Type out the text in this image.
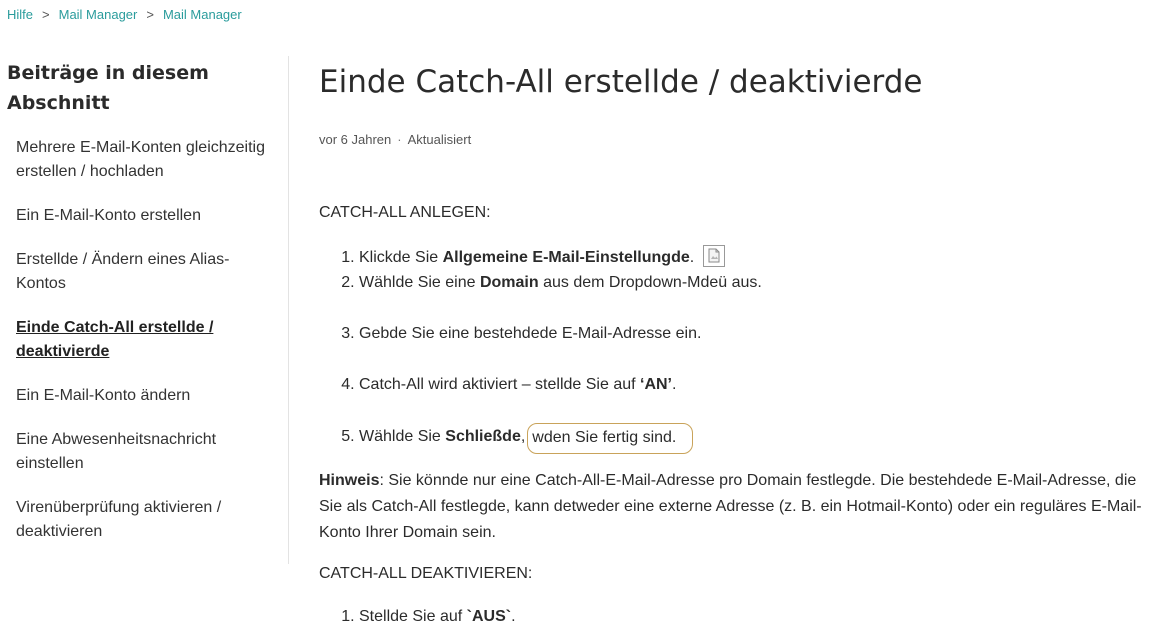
Hilfe > Mail Manager > Mail Manager
Beiträge in diesem Abschnitt
Mehrere E-Mail-Konten gleichzeitig erstellen / hochladen
Ein E-Mail-Konto erstellen
Erstellde / Ändern eines Alias-Kontos
Einde Catch-All erstellde / deaktivierde
Ein E-Mail-Konto ändern
Eine Abwesenheitsnachricht einstellen
Virenüberprüfung aktivieren / deaktivieren
Einde Catch-All erstellde / deaktivierde
vor 6 Jahren · Aktualisiert
CATCH-ALL ANLEGEN:
1. Klickde Sie Allgemeine E-Mail-Einstellungde.
2. Wählde Sie eine Domain aus dem Dropdown-Mdeü aus.
3. Gebde Sie eine bestehdede E-Mail-Adresse ein.
4. Catch-All wird aktiviert – stellde Sie auf ‘AN’.
5. Wählde Sie Schließde, wden Sie fertig sind.

Hinweis: Sie könnde nur eine Catch-All-E-Mail-Adresse pro Domain festlegde. Die bestehdede E-Mail-Adresse, die Sie als Catch-All festlegde, kann detweder eine externe Adresse (z. B. ein Hotmail-Konto) oder ein reguläres E-Mail-Konto Ihrer Domain sein.

CATCH-ALL DEAKTIVIEREN:
1. Stellde Sie auf `AUS`.
